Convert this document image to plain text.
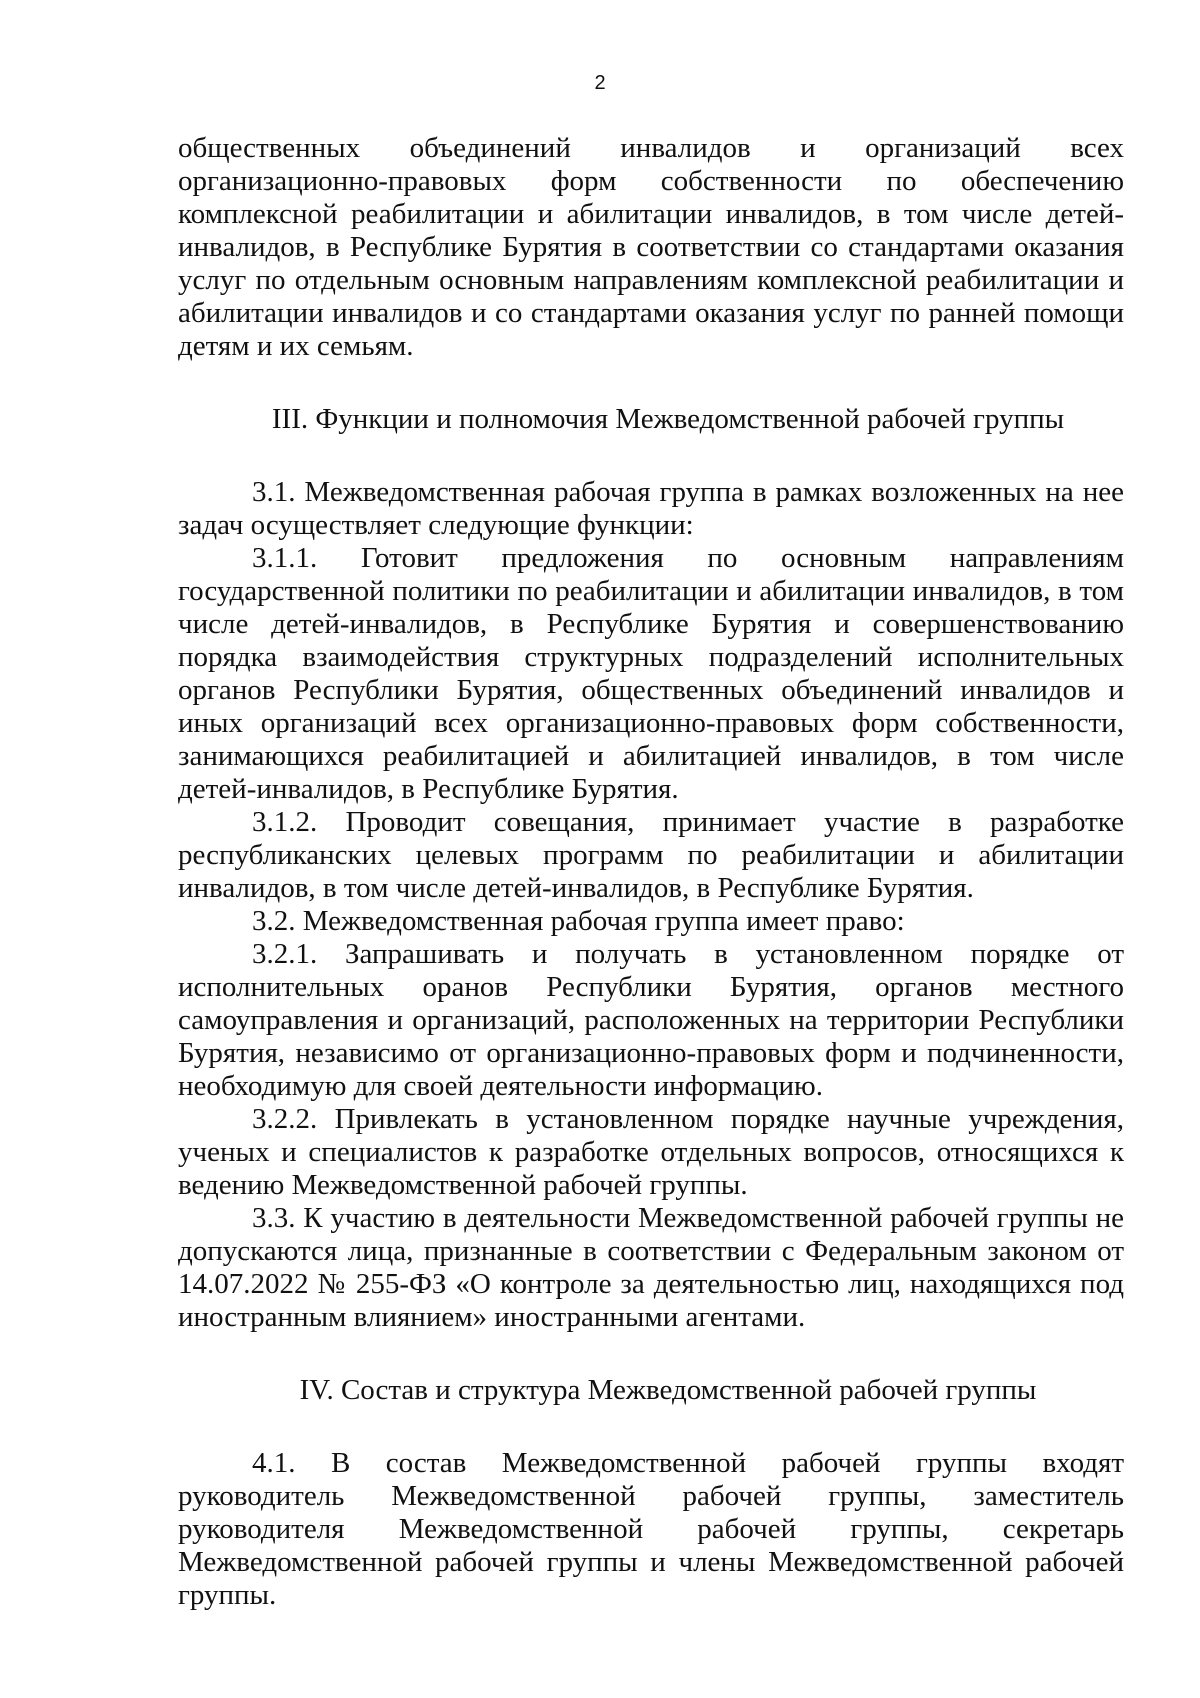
2

общественных объединений инвалидов и организаций всех организационно-правовых форм собственности по обеспечению комплексной реабилитации и абилитации инвалидов, в том числе детей-инвалидов, в Республике Бурятия в соответствии со стандартами оказания услуг по отдельным основным направлениям комплексной реабилитации и абилитации инвалидов и со стандартами оказания услуг по ранней помощи детям и их семьям.

III. Функции и полномочия Межведомственной рабочей группы

3.1. Межведомственная рабочая группа в рамках возложенных на нее задач осуществляет следующие функции:

3.1.1. Готовит предложения по основным направлениям государственной политики по реабилитации и абилитации инвалидов, в том числе детей-инвалидов, в Республике Бурятия и совершенствованию порядка взаимодействия структурных подразделений исполнительных органов Республики Бурятия, общественных объединений инвалидов и иных организаций всех организационно-правовых форм собственности, занимающихся реабилитацией и абилитацией инвалидов, в том числе детей-инвалидов, в Республике Бурятия.

3.1.2. Проводит совещания, принимает участие в разработке республиканских целевых программ по реабилитации и абилитации инвалидов, в том числе детей-инвалидов, в Республике Бурятия.

3.2. Межведомственная рабочая группа имеет право:

3.2.1. Запрашивать и получать в установленном порядке от исполнительных оранов Республики Бурятия, органов местного самоуправления и организаций, расположенных на территории Республики Бурятия, независимо от организационно-правовых форм и подчиненности, необходимую для своей деятельности информацию.

3.2.2. Привлекать в установленном порядке научные учреждения, ученых и специалистов к разработке отдельных вопросов, относящихся к ведению Межведомственной рабочей группы.

3.3. К участию в деятельности Межведомственной рабочей группы не допускаются лица, признанные в соответствии с Федеральным законом от 14.07.2022 № 255-ФЗ «О контроле за деятельностью лиц, находящихся под иностранным влиянием» иностранными агентами.

IV. Состав и структура Межведомственной рабочей группы

4.1. В состав Межведомственной рабочей группы входят руководитель Межведомственной рабочей группы, заместитель руководителя Межведомственной рабочей группы, секретарь Межведомственной рабочей группы и члены Межведомственной рабочей группы.
